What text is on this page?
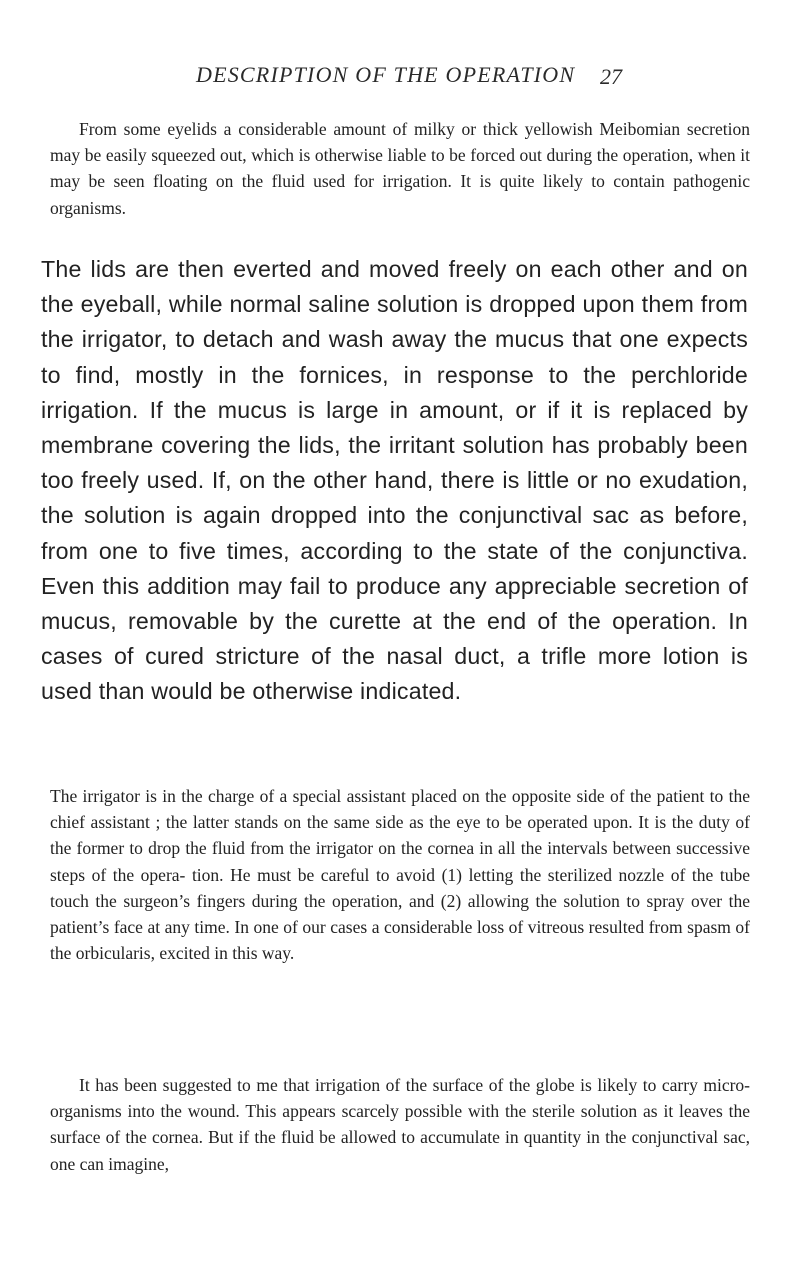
DESCRIPTION OF THE OPERATION 27

From some eyelids a considerable amount of milky or thick yellowish Meibomian secretion may be easily squeezed out, which is otherwise liable to be forced out during the operation, when it may be seen floating on the fluid used for irrigation. It is quite likely to contain pathogenic organisms.

The lids are then everted and moved freely on each other and on the eyeball, while normal saline solution is dropped upon them from the irrigator, to detach and wash away the mucus that one expects to find, mostly in the fornices, in response to the perchloride irrigation. If the mucus is large in amount, or if it is replaced by membrane covering the lids, the irritant solution has probably been too freely used. If, on the other hand, there is little or no exudation, the solution is again dropped into the conjunctival sac as before, from one to five times, according to the state of the conjunctiva. Even this addition may fail to produce any appreciable secretion of mucus, removable by the curette at the end of the operation. In cases of cured stricture of the nasal duct, a trifle more lotion is used than would be otherwise indicated.

The irrigator is in the charge of a special assistant placed on the opposite side of the patient to the chief assistant ; the latter stands on the same side as the eye to be operated upon. It is the duty of the former to drop the fluid from the irrigator on the cornea in all the intervals between successive steps of the opera- tion. He must be careful to avoid (1) letting the sterilized nozzle of the tube touch the surgeon’s fingers during the operation, and (2) allowing the solution to spray over the patient’s face at any time. In one of our cases a considerable loss of vitreous resulted from spasm of the orbicularis, excited in this way.

It has been suggested to me that irrigation of the surface of the globe is likely to carry micro-organisms into the wound. This appears scarcely possible with the sterile solution as it leaves the surface of the cornea. But if the fluid be allowed to accumulate in quantity in the conjunctival sac, one can imagine,
